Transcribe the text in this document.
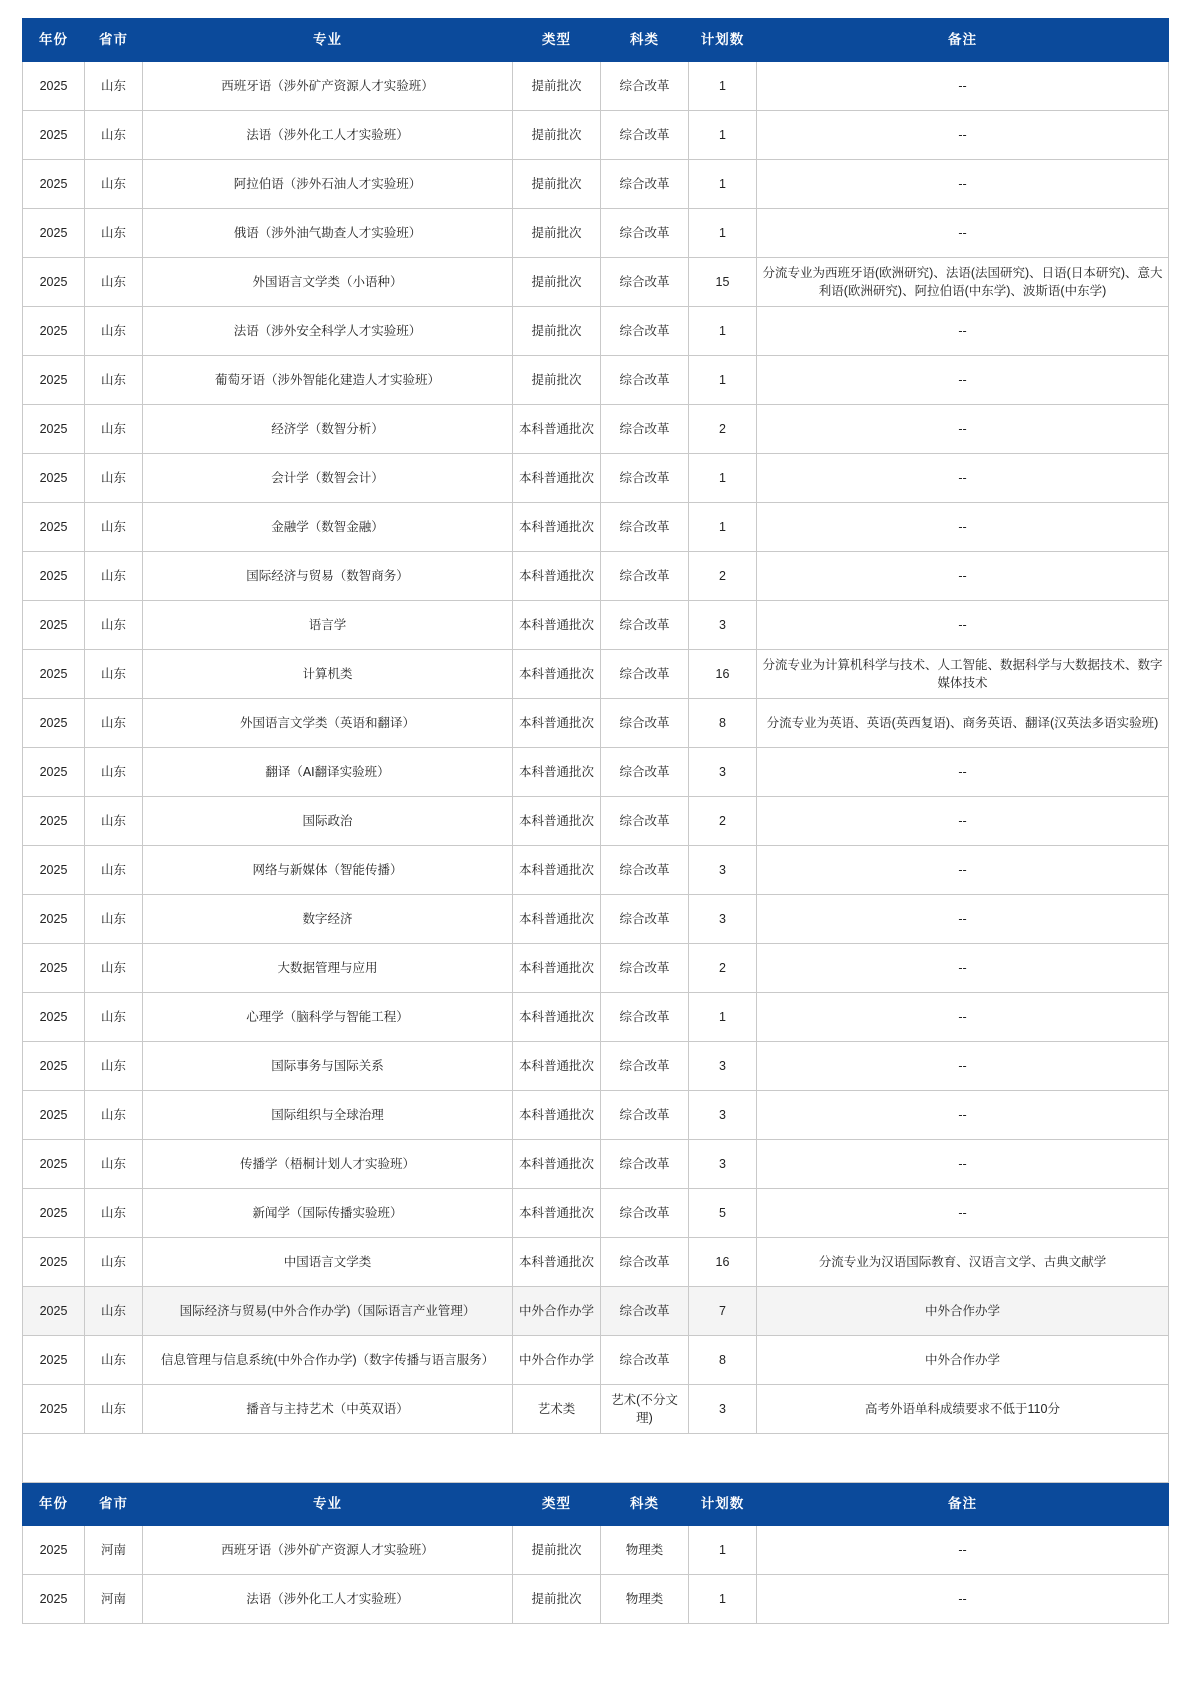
年份	省市	专业	类型	科类	计划数	备注
2025	山东	西班牙语（涉外矿产资源人才实验班）	提前批次	综合改革	1	--
2025	山东	法语（涉外化工人才实验班）	提前批次	综合改革	1	--
2025	山东	阿拉伯语（涉外石油人才实验班）	提前批次	综合改革	1	--
2025	山东	俄语（涉外油气勘查人才实验班）	提前批次	综合改革	1	--
2025	山东	外国语言文学类（小语种）	提前批次	综合改革	15	分流专业为西班牙语(欧洲研究)、法语(法国研究)、日语(日本研究)、意大利语(欧洲研究)、阿拉伯语(中东学)、波斯语(中东学)
2025	山东	法语（涉外安全科学人才实验班）	提前批次	综合改革	1	--
2025	山东	葡萄牙语（涉外智能化建造人才实验班）	提前批次	综合改革	1	--
2025	山东	经济学（数智分析）	本科普通批次	综合改革	2	--
2025	山东	会计学（数智会计）	本科普通批次	综合改革	1	--
2025	山东	金融学（数智金融）	本科普通批次	综合改革	1	--
2025	山东	国际经济与贸易（数智商务）	本科普通批次	综合改革	2	--
2025	山东	语言学	本科普通批次	综合改革	3	--
2025	山东	计算机类	本科普通批次	综合改革	16	分流专业为计算机科学与技术、人工智能、数据科学与大数据技术、数字媒体技术
2025	山东	外国语言文学类（英语和翻译）	本科普通批次	综合改革	8	分流专业为英语、英语(英西复语)、商务英语、翻译(汉英法多语实验班)
2025	山东	翻译（AI翻译实验班）	本科普通批次	综合改革	3	--
2025	山东	国际政治	本科普通批次	综合改革	2	--
2025	山东	网络与新媒体（智能传播）	本科普通批次	综合改革	3	--
2025	山东	数字经济	本科普通批次	综合改革	3	--
2025	山东	大数据管理与应用	本科普通批次	综合改革	2	--
2025	山东	心理学（脑科学与智能工程）	本科普通批次	综合改革	1	--
2025	山东	国际事务与国际关系	本科普通批次	综合改革	3	--
2025	山东	国际组织与全球治理	本科普通批次	综合改革	3	--
2025	山东	传播学（梧桐计划人才实验班）	本科普通批次	综合改革	3	--
2025	山东	新闻学（国际传播实验班）	本科普通批次	综合改革	5	--
2025	山东	中国语言文学类	本科普通批次	综合改革	16	分流专业为汉语国际教育、汉语言文学、古典文献学
2025	山东	国际经济与贸易(中外合作办学)（国际语言产业管理）	中外合作办学	综合改革	7	中外合作办学
2025	山东	信息管理与信息系统(中外合作办学)（数字传播与语言服务）	中外合作办学	综合改革	8	中外合作办学
2025	山东	播音与主持艺术（中英双语）	艺术类	艺术(不分文理)	3	高考外语单科成绩要求不低于110分

年份	省市	专业	类型	科类	计划数	备注
2025	河南	西班牙语（涉外矿产资源人才实验班）	提前批次	物理类	1	--
2025	河南	法语（涉外化工人才实验班）	提前批次	物理类	1	--
